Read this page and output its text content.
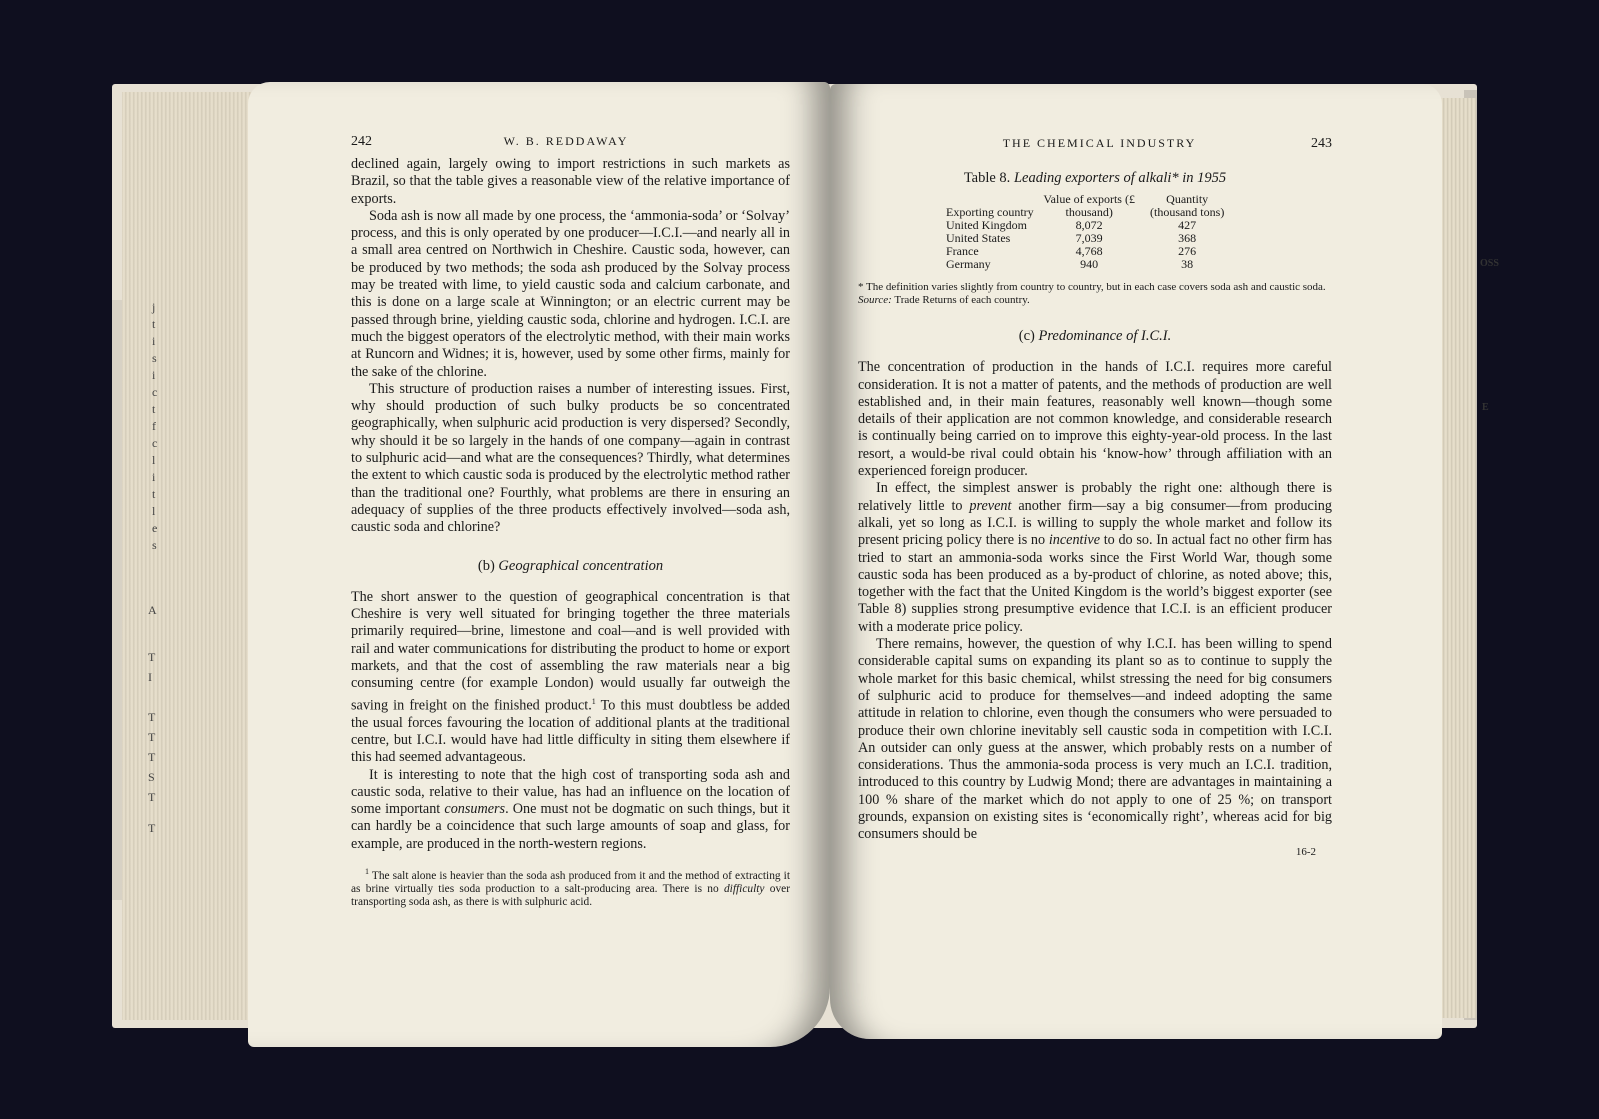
j
t
i
s
i
c
t
f
c
l
i
t
l
e
s
A
T
I
T
T
T
S
T
T
OSS
E
242	W. B. REDDAWAY

declined again, largely owing to import restrictions in such markets as Brazil, so that the table gives a reasonable view of the relative importance of exports.

Soda ash is now all made by one process, the ‘ammonia-soda’ or ‘Solvay’ process, and this is only operated by one producer—I.C.I.—and nearly all in a small area centred on Northwich in Cheshire. Caustic soda, however, can be produced by two methods; the soda ash produced by the Solvay process may be treated with lime, to yield caustic soda and calcium carbonate, and this is done on a large scale at Winnington; or an electric current may be passed through brine, yielding caustic soda, chlorine and hydrogen. I.C.I. are much the biggest operators of the electrolytic method, with their main works at Runcorn and Widnes; it is, however, used by some other firms, mainly for the sake of the chlorine.

This structure of production raises a number of interesting issues. First, why should production of such bulky products be so concentrated geographically, when sulphuric acid production is very dispersed? Secondly, why should it be so largely in the hands of one company—again in contrast to sulphuric acid—and what are the consequences? Thirdly, what determines the extent to which caustic soda is produced by the electrolytic method rather than the traditional one? Fourthly, what problems are there in ensuring an adequacy of supplies of the three products effectively involved—soda ash, caustic soda and chlorine?

(b) Geographical concentration

The short answer to the question of geographical concentration is that Cheshire is very well situated for bringing together the three materials primarily required—brine, limestone and coal—and is well provided with rail and water communications for distributing the product to home or export markets, and that the cost of assembling the raw materials near a big consuming centre (for example London) would usually far outweigh the saving in freight on the finished product.$^1$ To this must doubtless be added the usual forces favouring the location of additional plants at the traditional centre, but I.C.I. would have had little difficulty in siting them elsewhere if this had seemed advantageous.

It is interesting to note that the high cost of transporting soda ash and caustic soda, relative to their value, has had an influence on the location of some important consumers. One must not be dogmatic on such things, but it can hardly be a coincidence that such large amounts of soap and glass, for example, are produced in the north-western regions.

$^1$ The salt alone is heavier than the soda ash produced from it and the method of extracting it as brine virtually ties soda production to a salt-producing area. There is no difficulty over transporting soda ash, as there is with sulphuric acid.

THE CHEMICAL INDUSTRY	243
Table 8. Leading exporters of alkali* in 1955
Exporting country	Value of exports (£ thousand)	Quantity (thousand tons)
United Kingdom	8,072	427
United States	7,039	368
France	4,768	276
Germany	940	38

* The definition varies slightly from country to country, but in each case covers soda ash and caustic soda.

Source: Trade Returns of each country.

(c) Predominance of I.C.I.

The concentration of production in the hands of I.C.I. requires more careful consideration. It is not a matter of patents, and the methods of production are well established and, in their main features, reasonably well known—though some details of their application are not common knowledge, and considerable research is continually being carried on to improve this eighty-year-old process. In the last resort, a would-be rival could obtain his ‘know-how’ through affiliation with an experienced foreign producer.

In effect, the simplest answer is probably the right one: although there is relatively little to prevent another firm—say a big consumer—from producing alkali, yet so long as I.C.I. is willing to supply the whole market and follow its present pricing policy there is no incentive to do so. In actual fact no other firm has tried to start an ammonia-soda works since the First World War, though some caustic soda has been produced as a by-product of chlorine, as noted above; this, together with the fact that the United Kingdom is the world’s biggest exporter (see Table 8) supplies strong presumptive evidence that I.C.I. is an efficient producer with a moderate price policy.

There remains, however, the question of why I.C.I. has been willing to spend considerable capital sums on expanding its plant so as to continue to supply the whole market for this basic chemical, whilst stressing the need for big consumers of sulphuric acid to produce for themselves—and indeed adopting the same attitude in relation to chlorine, even though the consumers who were persuaded to produce their own chlorine inevitably sell caustic soda in competition with I.C.I. An outsider can only guess at the answer, which probably rests on a number of considerations. Thus the ammonia-soda process is very much an I.C.I. tradition, introduced to this country by Ludwig Mond; there are advantages in maintaining a 100 % share of the market which do not apply to one of 25 %; on transport grounds, expansion on existing sites is ‘economically right’, whereas acid for big consumers should be

16-2
